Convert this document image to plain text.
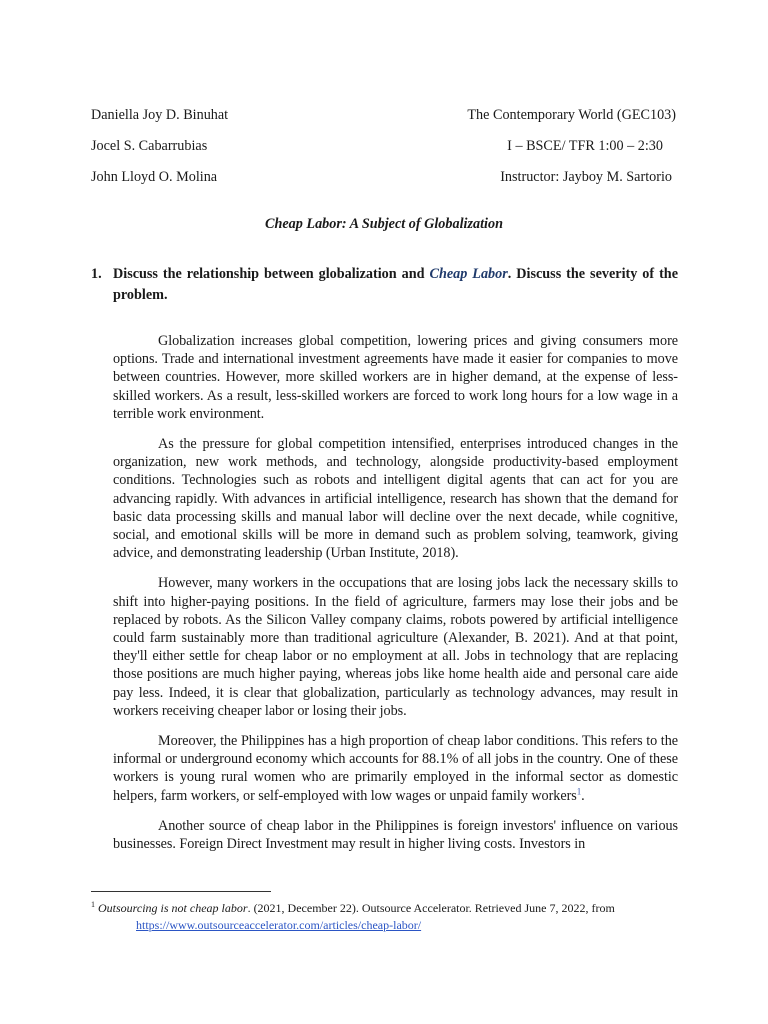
Daniella Joy D. Binuhat	The Contemporary World (GEC103)
Jocel S. Cabarrubias	I – BSCE/ TFR 1:00 – 2:30
John Lloyd O. Molina	Instructor: Jayboy M. Sartorio
Cheap Labor: A Subject of Globalization
1. Discuss the relationship between globalization and Cheap Labor. Discuss the severity of the problem.

Globalization increases global competition, lowering prices and giving consumers more options. Trade and international investment agreements have made it easier for companies to move between countries. However, more skilled workers are in higher demand, at the expense of less-skilled workers. As a result, less-skilled workers are forced to work long hours for a low wage in a terrible work environment.

As the pressure for global competition intensified, enterprises introduced changes in the organization, new work methods, and technology, alongside productivity-based employment conditions. Technologies such as robots and intelligent digital agents that can act for you are advancing rapidly. With advances in artificial intelligence, research has shown that the demand for basic data processing skills and manual labor will decline over the next decade, while cognitive, social, and emotional skills will be more in demand such as problem solving, teamwork, giving advice, and demonstrating leadership (Urban Institute, 2018).

However, many workers in the occupations that are losing jobs lack the necessary skills to shift into higher-paying positions. In the field of agriculture, farmers may lose their jobs and be replaced by robots. As the Silicon Valley company claims, robots powered by artificial intelligence could farm sustainably more than traditional agriculture (Alexander, B. 2021). And at that point, they'll either settle for cheap labor or no employment at all. Jobs in technology that are replacing those positions are much higher paying, whereas jobs like home health aide and personal care aide pay less. Indeed, it is clear that globalization, particularly as technology advances, may result in workers receiving cheaper labor or losing their jobs.

Moreover, the Philippines has a high proportion of cheap labor conditions. This refers to the informal or underground economy which accounts for 88.1% of all jobs in the country. One of these workers is young rural women who are primarily employed in the informal sector as domestic helpers, farm workers, or self-employed with low wages or unpaid family workers$^1$.

Another source of cheap labor in the Philippines is foreign investors' influence on various businesses. Foreign Direct Investment may result in higher living costs. Investors in

$^1$ Outsourcing is not cheap labor. (2021, December 22). Outsource Accelerator. Retrieved June 7, 2022, from
https://www.outsourceaccelerator.com/articles/cheap-labor/
